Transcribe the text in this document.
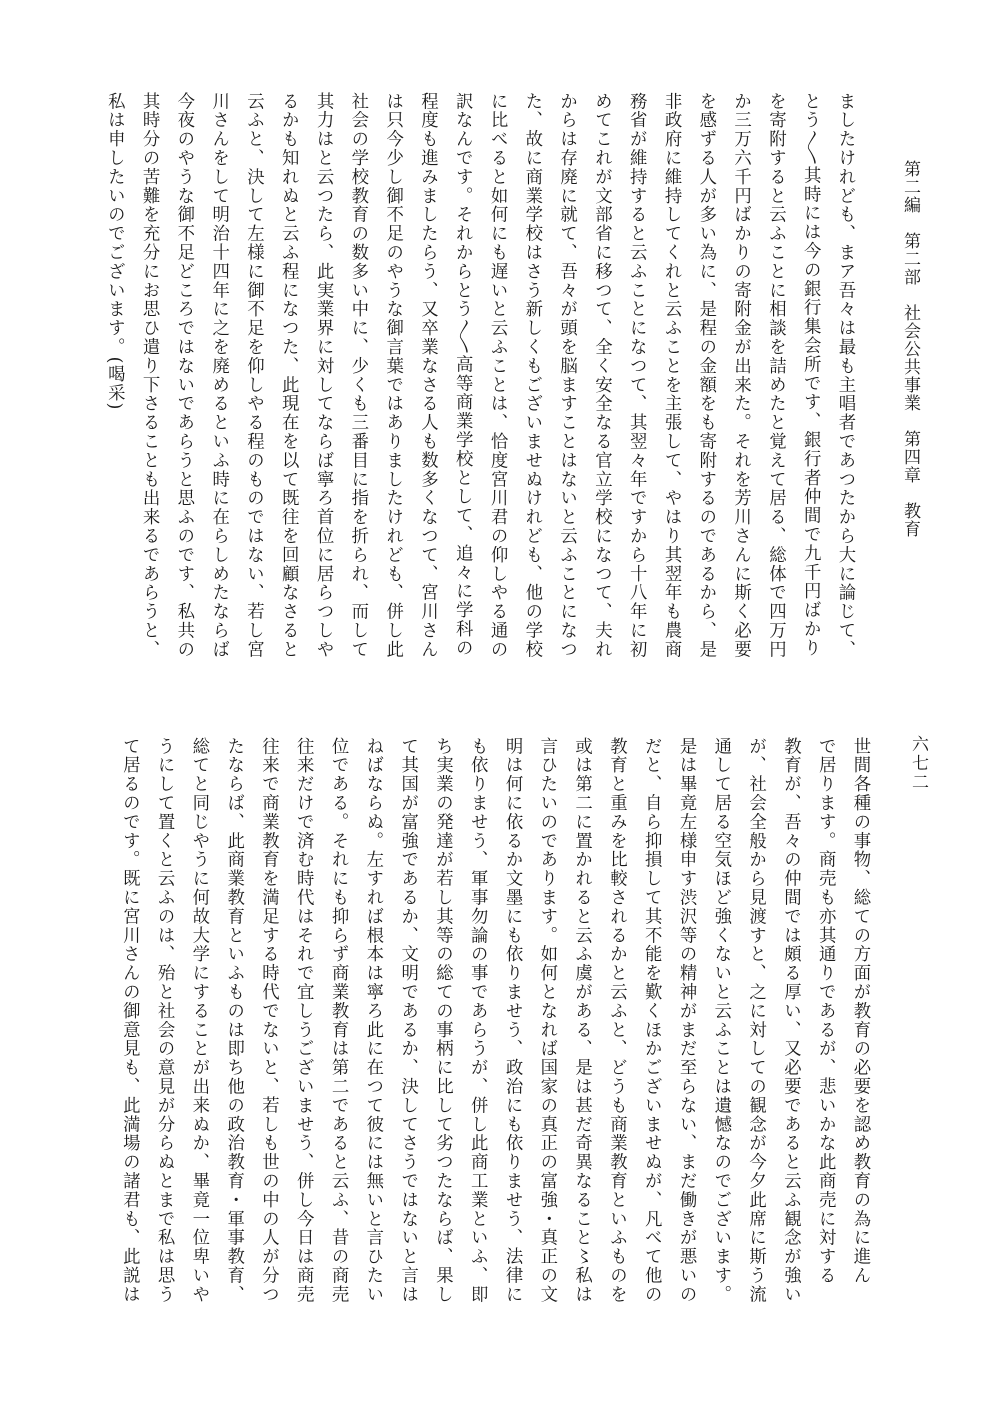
第二編　第二部　社会公共事業　第四章　教育
ましたけれども、まア吾々は最も主唱者であつたから大に論じて、
とう〳〵其時には今の銀行集会所です、銀行者仲間で九千円ばかり
を寄附すると云ふことに相談を詰めたと覚えて居る、総体で四万円
か三万六千円ばかりの寄附金が出来た。それを芳川さんに斯く必要
を感ずる人が多い為に、是程の金額をも寄附するのであるから、是
非政府に維持してくれと云ふことを主張して、やはり其翌年も農商
務省が維持すると云ふことになつて、其翌々年ですから十八年に初
めてこれが文部省に移つて、全く安全なる官立学校になつて、夫れ
からは存廃に就て、吾々が頭を脳ますことはないと云ふことになつ
た、故に商業学校はさう新しくもございませぬけれども、他の学校
に比べると如何にも遅いと云ふことは、恰度宮川君の仰しやる通の
訳なんです。それからとう〳〵高等商業学校として、追々に学科の
程度も進みましたらう、又卒業なさる人も数多くなつて、宮川さん
は只今少し御不足のやうな御言葉ではありましたけれども、併し此
社会の学校教育の数多い中に、少くも三番目に指を折られ、而して
其力はと云つたら、此実業界に対してならば寧ろ首位に居らつしや
るかも知れぬと云ふ程になつた、此現在を以て既往を回顧なさると
云ふと、決して左様に御不足を仰しやる程のものではない、若し宮
川さんをして明治十四年に之を廃めるといふ時に在らしめたならば
今夜のやうな御不足どころではないであらうと思ふのです、私共の
其時分の苦難を充分にお思ひ遣り下さることも出来るであらうと、
私は申したいのでございます。(喝采)
六七二
世間各種の事物、総ての方面が教育の必要を認め教育の為に進ん
で居ります。商売も亦其通りであるが、悲いかな此商売に対する
教育が、吾々の仲間では頗る厚い、又必要であると云ふ観念が強い
が、社会全般から見渡すと、之に対しての観念が今夕此席に斯う流
通して居る空気ほど強くないと云ふことは遺憾なのでございます。
是は畢竟左様申す渋沢等の精神がまだ至らない、まだ働きが悪いの
だと、自ら抑損して其不能を歎くほかございませぬが、凡べて他の
教育と重みを比較されるかと云ふと、どうも商業教育といふものを
或は第二に置かれると云ふ虞がある、是は甚だ奇異なること〻私は
言ひたいのであります。如何となれば国家の真正の富強・真正の文
明は何に依るか文墨にも依りませう、政治にも依りませう、法律に
も依りませう、軍事勿論の事であらうが、併し此商工業といふ、即
ち実業の発達が若し其等の総ての事柄に比して劣つたならば、果し
て其国が富強であるか、文明であるか、決してさうではないと言は
ねばならぬ。左すれば根本は寧ろ此に在つて彼には無いと言ひたい
位である。それにも抑らず商業教育は第二であると云ふ、昔の商売
往来だけで済む時代はそれで宜しうございませう、併し今日は商売
往来で商業教育を満足する時代でないと、若しも世の中の人が分つ
たならば、此商業教育といふものは即ち他の政治教育・軍事教育、
総てと同じやうに何故大学にすることが出来ぬか、畢竟一位卑いや
うにして置くと云ふのは、殆と社会の意見が分らぬとまで私は思う
て居るのです。既に宮川さんの御意見も、此満場の諸君も、此説は
